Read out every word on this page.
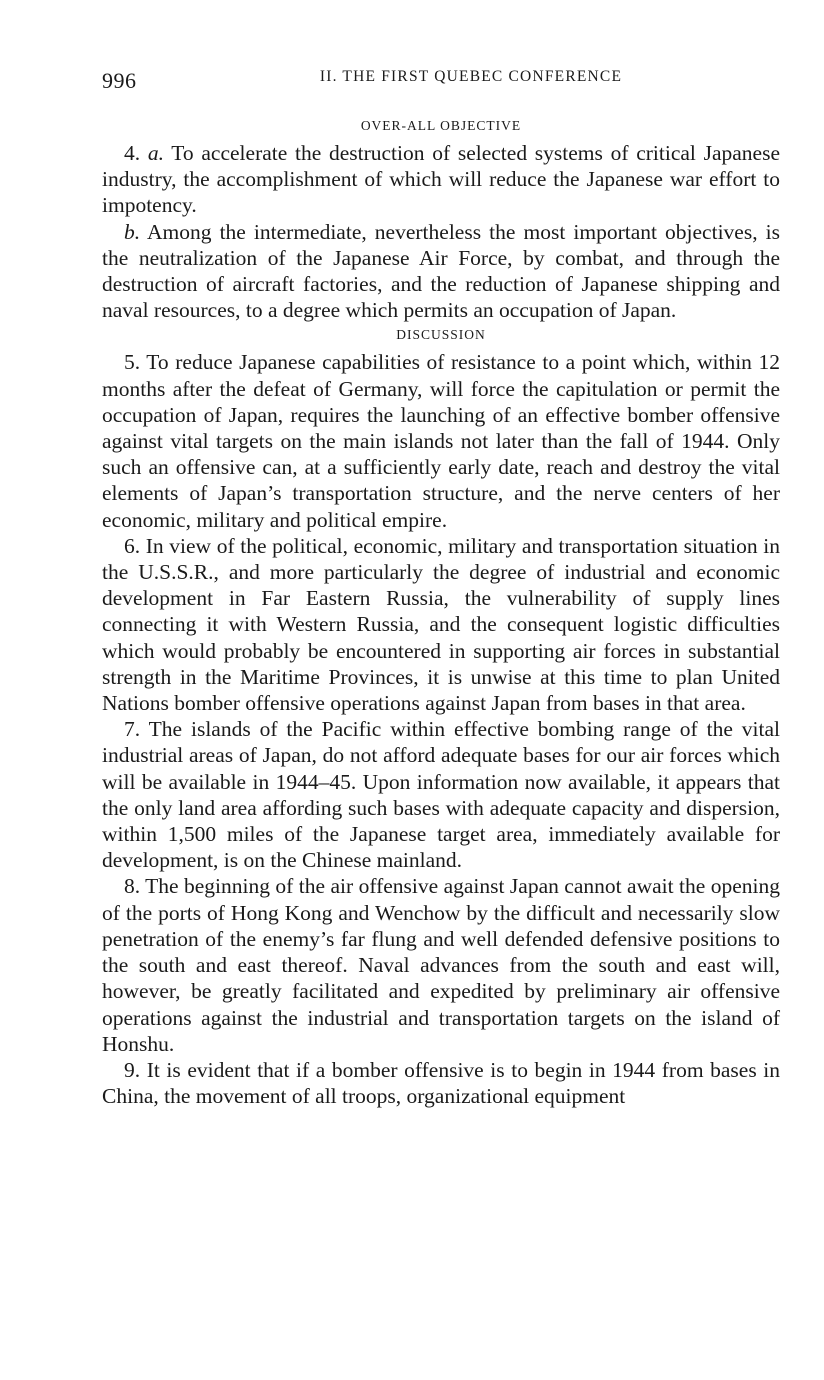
996	II. THE FIRST QUEBEC CONFERENCE
OVER-ALL OBJECTIVE

4. a. To accelerate the destruction of selected systems of critical Japanese industry, the accomplishment of which will reduce the Japanese war effort to impotency.

b. Among the intermediate, nevertheless the most important objectives, is the neutralization of the Japanese Air Force, by combat, and through the destruction of aircraft factories, and the reduction of Japanese shipping and naval resources, to a degree which permits an occupation of Japan.

DISCUSSION

5. To reduce Japanese capabilities of resistance to a point which, within 12 months after the defeat of Germany, will force the capitulation or permit the occupation of Japan, requires the launching of an effective bomber offensive against vital targets on the main islands not later than the fall of 1944. Only such an offensive can, at a sufficiently early date, reach and destroy the vital elements of Japan’s transportation structure, and the nerve centers of her economic, military and political empire.

6. In view of the political, economic, military and transportation situation in the U.S.S.R., and more particularly the degree of industrial and economic development in Far Eastern Russia, the vulnerability of supply lines connecting it with Western Russia, and the consequent logistic difficulties which would probably be encountered in supporting air forces in substantial strength in the Maritime Provinces, it is unwise at this time to plan United Nations bomber offensive operations against Japan from bases in that area.

7. The islands of the Pacific within effective bombing range of the vital industrial areas of Japan, do not afford adequate bases for our air forces which will be available in 1944–45. Upon information now available, it appears that the only land area affording such bases with adequate capacity and dispersion, within 1,500 miles of the Japanese target area, immediately available for development, is on the Chinese mainland.

8. The beginning of the air offensive against Japan cannot await the opening of the ports of Hong Kong and Wenchow by the difficult and necessarily slow penetration of the enemy’s far flung and well defended defensive positions to the south and east thereof. Naval advances from the south and east will, however, be greatly facilitated and expedited by preliminary air offensive operations against the industrial and transportation targets on the island of Honshu.

9. It is evident that if a bomber offensive is to begin in 1944 from bases in China, the movement of all troops, organizational equipment
